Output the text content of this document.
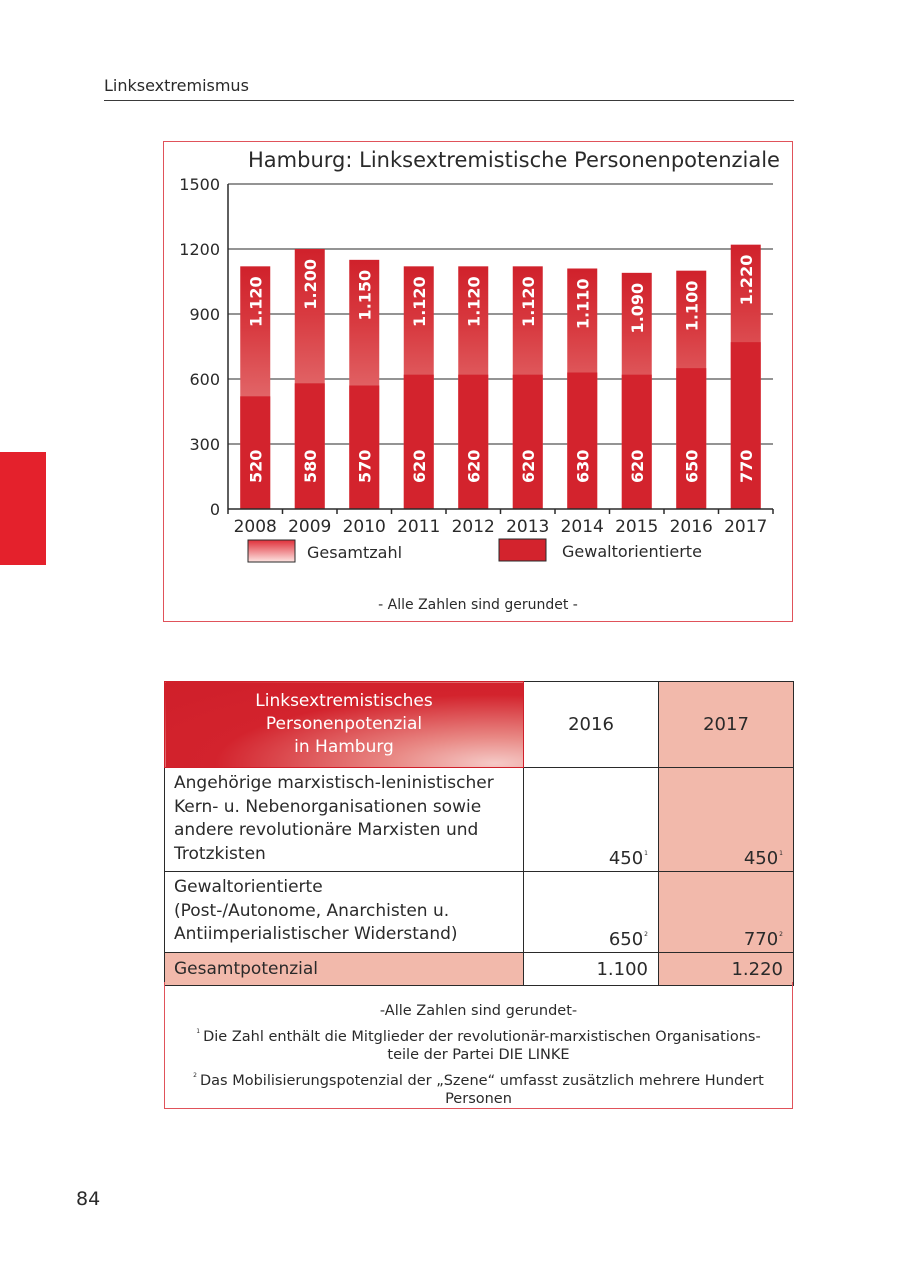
Linksextremismus
1.120
520
1.200
580
1.150
570
1.120
620
1.120
620
1.120
620
1.110
630
1.090
620
1.100
650
1.220
770
0
300
600
900
1200
1500
2008 2009 2010 2011 2012 2013 2014 2015 2016 2017
Hamburg: Linksextremistische Personenpotenziale
Gesamtzahl	Gewaltorientierte
- Alle Zahlen sind gerundet -
Linksextremistisches
Personenpotenzial
in Hamburg	2016	2017

Angehörige marxistisch-leninistischer
Kern- u. Nebenorganisationen sowie
andere revolutionäre Marxisten und
Trotzkisten	$450^1$	$450^1$

Gewaltorientierte
(Post-/Autonome, Anarchisten u.
Antiimperialistischer Widerstand)	$650^2$	$770^2$
Gesamtpotenzial	1.100	1.220
-Alle Zahlen sind gerundet-
$^1$ Die Zahl enthält die Mitglieder der revolutionär-marxistischen Organisations-
teile der Partei DIE LINKE
$^2$ Das Mobilisierungspotenzial der „Szene“ umfasst zusätzlich mehrere Hundert
Personen
84
